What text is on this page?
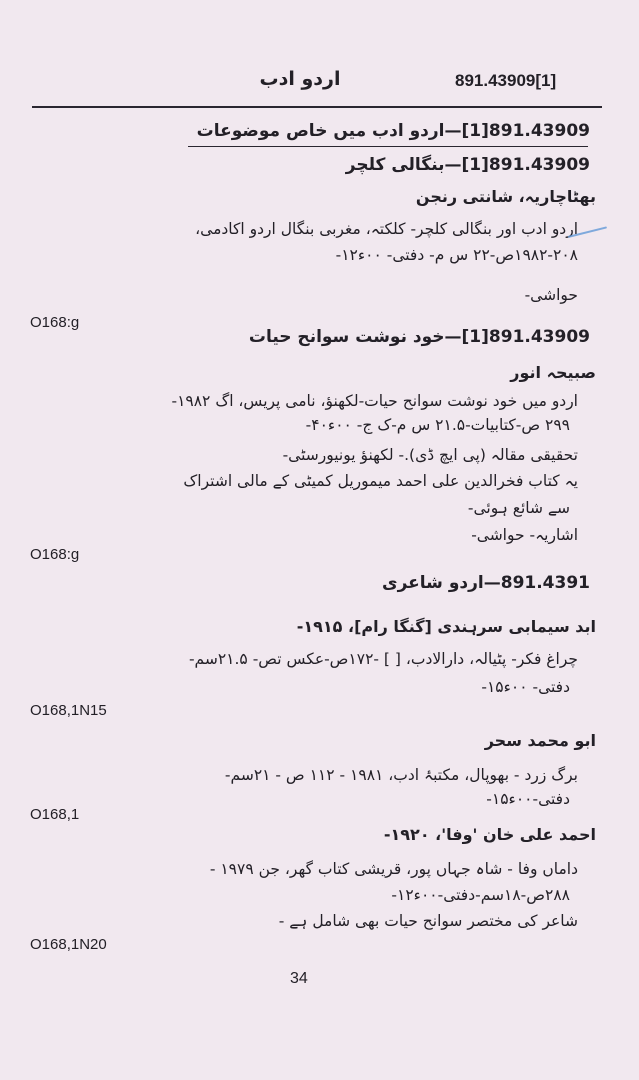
891.43909[1]
اردو ادب
891.43909[1]—اردو ادب میں خاص موضوعات
891.43909[1]—بنگالی کلچر
بھٹاچاریہ، شانتی رنجن
اردو ادب اور بنگالی کلچر- کلکتہ، مغربی بنگال اردو اکادمی،
۱۹۸۲-۲۰۸ص-۲۲ س م- دفتی- ۰۰ء۱۲-
حواشی-
O168:g
891.43909[1]—خود نوشت سوانح حیات
صبیحہ انور
اردو میں خود نوشت سوانح حیات-لکھنؤ، نامی پریس، اگ ۱۹۸۲-
۲۹۹ ص-کتابیات-۲۱.۵ س م-ک ج- ۰۰ء۴۰-
تحقیقی مقالہ (پی ایچ ڈی).- لکھنؤ یونیورسٹی-
یہ کتاب فخرالدین علی احمد میموریل کمیٹی کے مالی اشتراک
سے شائع ہوئی-
اشاریہ- حواشی-
O168:g
891.4391—اردو شاعری
ابد سیمابی سرہندی [گنگا رام]، ۱۹۱۵-
چراغ فکر- پٹیالہ، دارالادب، [ ] -۱۷۲ص-عکس تص- ۲۱.۵سم-
دفتی- ۰۰ء۱۵-
O168,1N15
ابو محمد سحر
برگ زرد - بھوپال، مکتبۂ ادب، ۱۹۸۱ - ۱۱۲ ص - ۲۱سم-
دفتی-۰۰ء۱۵-
O168,1
احمد علی خان 'وفا'، ۱۹۲۰-
داماں وفا - شاہ جہاں پور، قریشی کتاب گھر، جن ۱۹۷۹ -
۲۸۸ص-۱۸سم-دفتی-۰۰ء۱۲-
شاعر کی مختصر سوانح حیات بھی شامل ہے -
O168,1N20
34
